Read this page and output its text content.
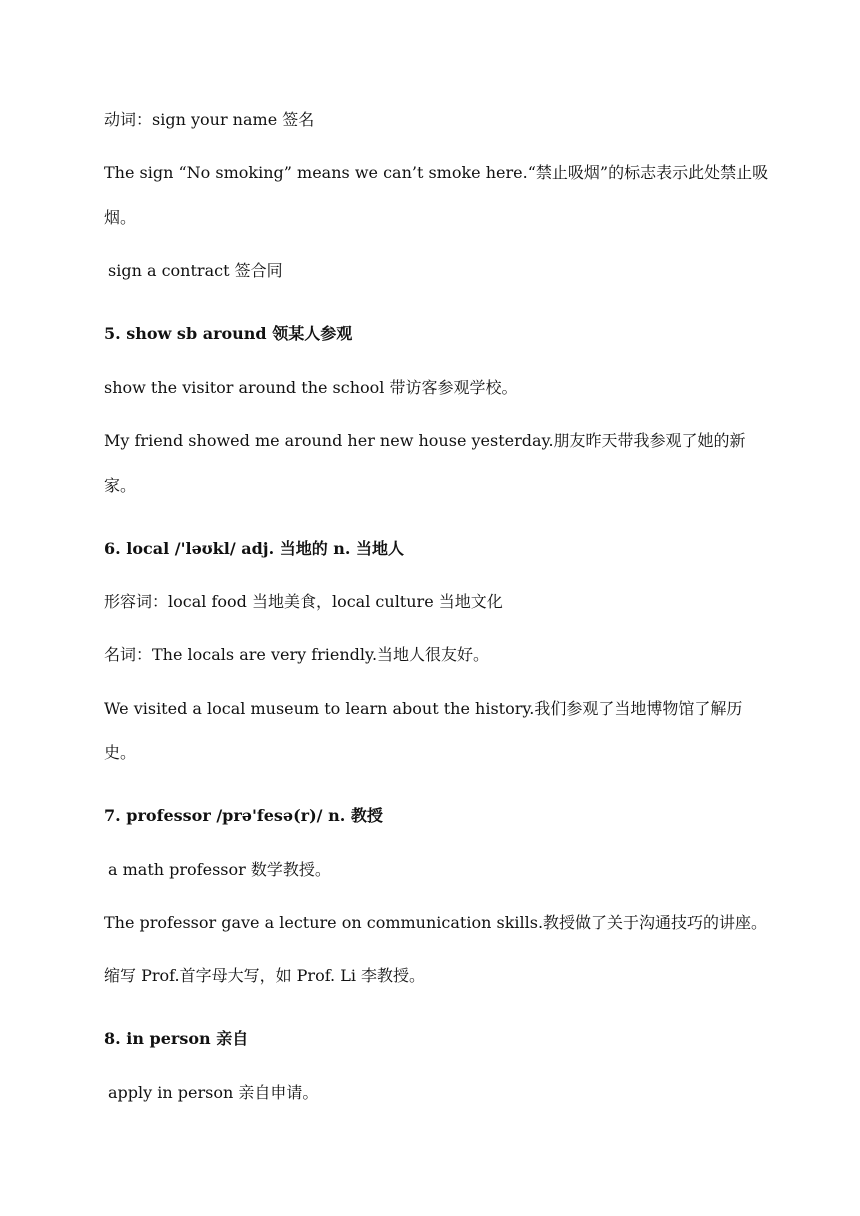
动词：sign your name 签名
The sign “No smoking” means we can’t smoke here.“禁止吸烟”的标志表示此处禁止吸
烟。
sign a contract 签合同
5. show sb around 领某人参观
show the visitor around the school 带访客参观学校。
My friend showed me around her new house yesterday.朋友昨天带我参观了她的新
家。
6. local /'ləʊkl/ adj. 当地的 n. 当地人
形容词：local food 当地美食，local culture 当地文化
名词：The locals are very friendly.当地人很友好。
We visited a local museum to learn about the history.我们参观了当地博物馆了解历
史。
7. professor /prə'fesə(r)/ n. 教授
a math professor 数学教授。
The professor gave a lecture on communication skills.教授做了关于沟通技巧的讲座。
缩写 Prof.首字母大写，如 Prof. Li 李教授。
8. in person 亲自
apply in person 亲自申请。
